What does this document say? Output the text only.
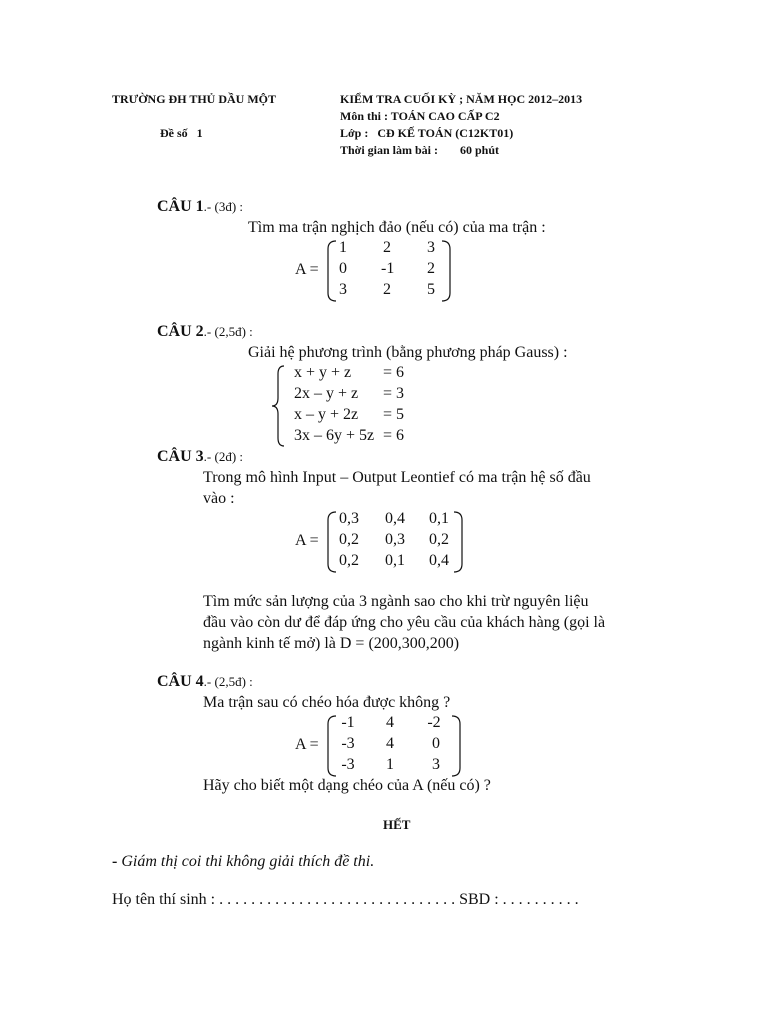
TRƯỜNG ĐH THỦ DẦU MỘT	KIỂM TRA CUỐI KỲ ; NĂM HỌC 2012–2013
Môn thi : TOÁN CAO CẤP C2
Đề số 1	Lớp : CĐ KẾ TOÁN (C12KT01)
Thời gian làm bài : 60 phút
CÂU 1.- (3đ) :
Tìm ma trận nghịch đảo (nếu có) của ma trận :
A =
1 2 3
0 -1 2
3 2 5
CÂU 2.- (2,5đ) :
Giải hệ phương trình (bằng phương pháp Gauss) :
x + y + z = 6
2x – y + z = 3
x – y + 2z = 5
3x – 6y + 5z = 6
CÂU 3.- (2đ) :
Trong mô hình Input – Output Leontief có ma trận hệ số đầu
vào :
A =
0,3 0,4 0,1
0,2 0,3 0,2
0,2 0,1 0,4
Tìm mức sản lượng của 3 ngành sao cho khi trừ nguyên liệu
đầu vào còn dư để đáp ứng cho yêu cầu của khách hàng (gọi là
ngành kinh tế mở) là D = (200,300,200)
CÂU 4.- (2,5đ) :
Ma trận sau có chéo hóa được không ?
A =
-1	4	-2
-3	4	0
-3	1	3
Hãy cho biết một dạng chéo của A (nếu có) ?
HẾT
- Giám thị coi thi không giải thích đề thi.
Họ tên thí sinh : . . . . . . . . . . . . . . . . . . . . . . . . . . . . . . SBD : . . . . . . . . . .
